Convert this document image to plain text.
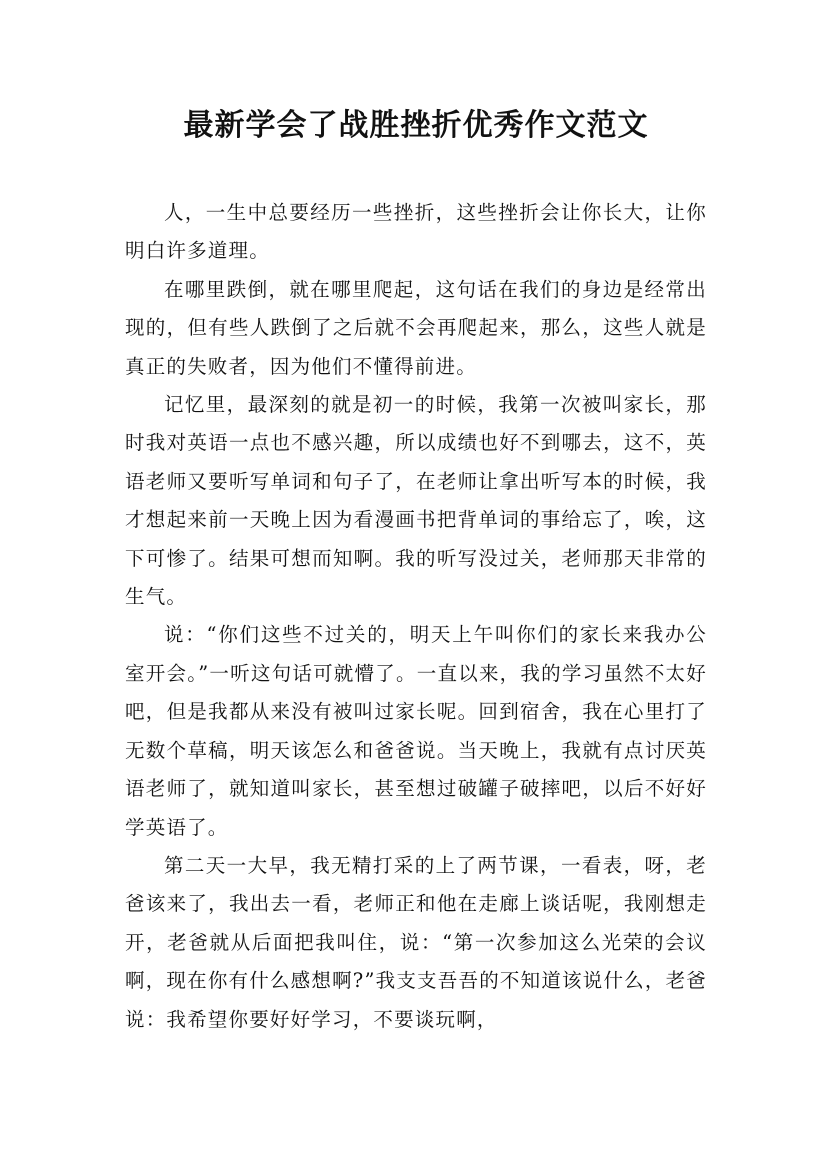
最新学会了战胜挫折优秀作文范文

人，一生中总要经历一些挫折，这些挫折会让你长大，让你明白许多道理。

在哪里跌倒，就在哪里爬起，这句话在我们的身边是经常出现的，但有些人跌倒了之后就不会再爬起来，那么，这些人就是真正的失败者，因为他们不懂得前进。

记忆里，最深刻的就是初一的时候，我第一次被叫家长，那时我对英语一点也不感兴趣，所以成绩也好不到哪去，这不，英语老师又要听写单词和句子了，在老师让拿出听写本的时候，我才想起来前一天晚上因为看漫画书把背单词的事给忘了，唉，这下可惨了。结果可想而知啊。我的听写没过关，老师那天非常的生气。

说：“你们这些不过关的，明天上午叫你们的家长来我办公室开会。”一听这句话可就懵了。一直以来，我的学习虽然不太好吧，但是我都从来没有被叫过家长呢。回到宿舍，我在心里打了无数个草稿，明天该怎么和爸爸说。当天晚上，我就有点讨厌英语老师了，就知道叫家长，甚至想过破罐子破摔吧，以后不好好学英语了。

第二天一大早，我无精打采的上了两节课，一看表，呀，老爸该来了，我出去一看，老师正和他在走廊上谈话呢，我刚想走开，老爸就从后面把我叫住，说：“第一次参加这么光荣的会议啊，现在你有什么感想啊?”我支支吾吾的不知道该说什么，老爸说：我希望你要好好学习，不要谈玩啊，
